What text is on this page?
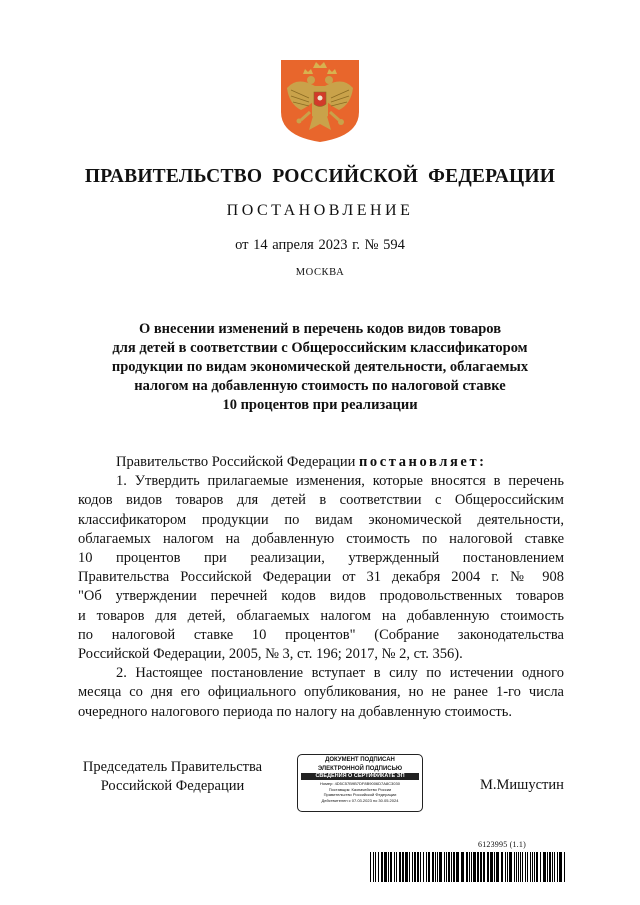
ПРАВИТЕЛЬСТВО РОССИЙСКОЙ ФЕДЕРАЦИИ
ПОСТАНОВЛЕНИЕ
от 14 апреля 2023 г. № 594
МОСКВА
О внесении изменений в перечень кодов видов товаров
для детей в соответствии с Общероссийским классификатором
продукции по видам экономической деятельности, облагаемых
налогом на добавленную стоимость по налоговой ставке
10 процентов при реализации
Правительство Российской Федерации постановляет:
1. Утвердить прилагаемые изменения, которые вносятся в перечень
кодов видов товаров для детей в соответствии с Общероссийским
классификатором продукции по видам экономической деятельности,
облагаемых налогом на добавленную стоимость по налоговой ставке
10 процентов при реализации, утвержденный постановлением
Правительства Российской Федерации от 31 декабря 2004 г. № 908
"Об утверждении перечней кодов видов продовольственных товаров
и товаров для детей, облагаемых налогом на добавленную стоимость
по налоговой ставке 10 процентов" (Собрание законодательства
Российской Федерации, 2005, № 3, ст. 196; 2017, № 2, ст. 356).
2. Настоящее постановление вступает в силу по истечении одного
месяца со дня его официального опубликования, но не ранее 1-го числа
очередного налогового периода по налогу на добавленную стоимость.
Председатель Правительства
Российской Федерации
ДОКУМЕНТ ПОДПИСАН
ЭЛЕКТРОННОЙ ПОДПИСЬЮ
СВЕДЕНИЯ О СЕРТИФИКАТЕ ЭП
Номер: 4D5C57B9B7DF8B9006D7A8C3030
Поставщик: Казначейство России
Правительство Российской Федерации
Действителен с 07.03.2023 по 30.05.2024
М.Мишустин
6123995 (1.1)
